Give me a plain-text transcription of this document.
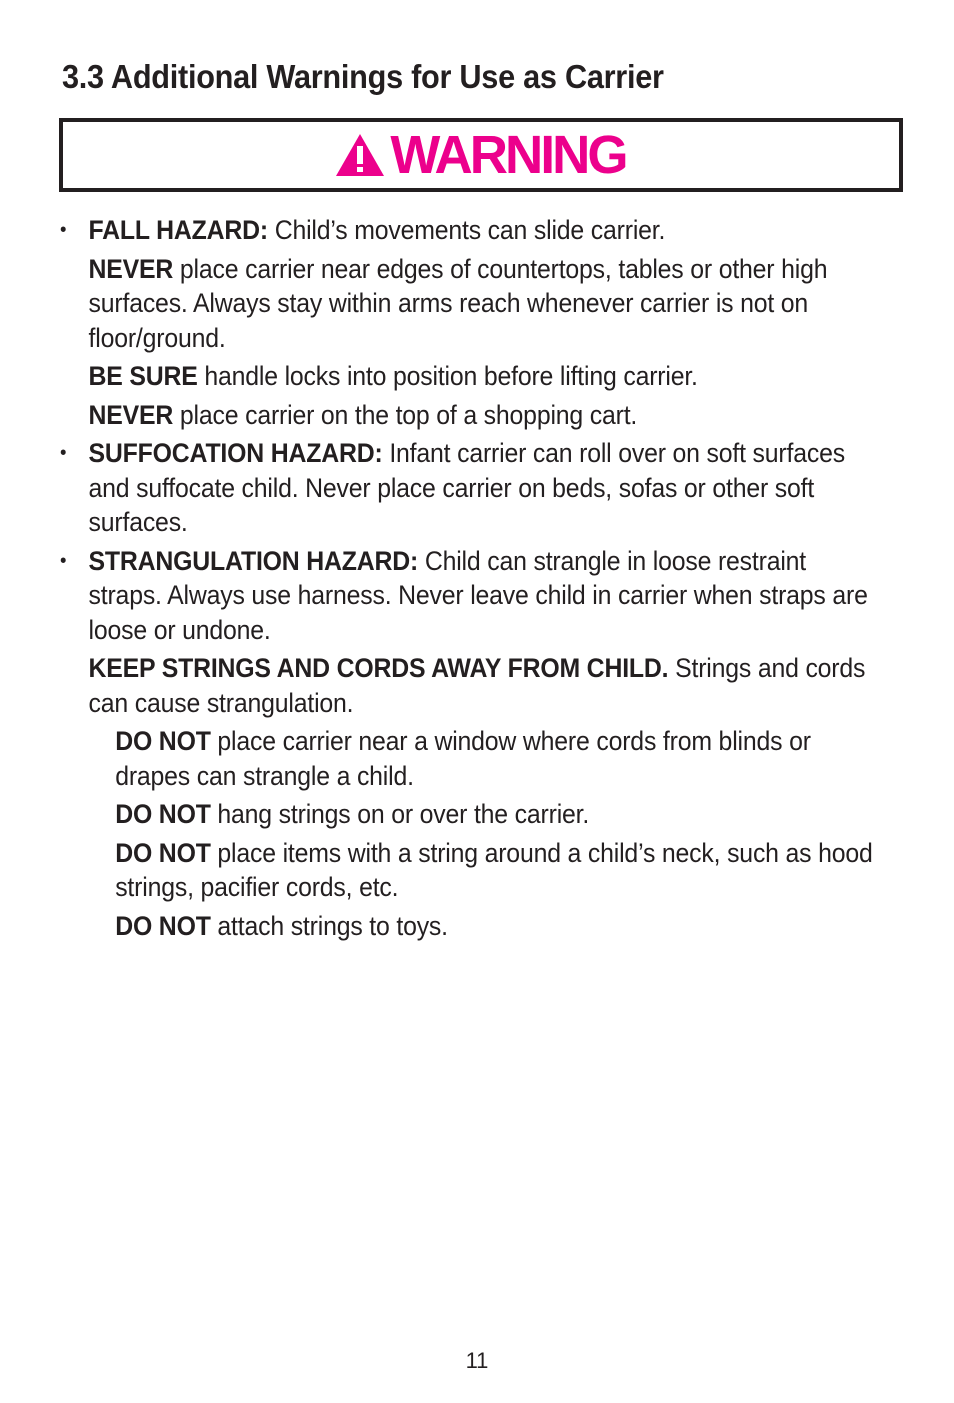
3.3 Additional Warnings for Use as Carrier
WARNING
• FALL HAZARD: Child’s movements can slide carrier.
NEVER place carrier near edges of countertops, tables or other high surfaces. Always stay within arms reach whenever carrier is not on floor/ground.
BE SURE handle locks into position before lifting carrier.
NEVER place carrier on the top of a shopping cart.
• SUFFOCATION HAZARD: Infant carrier can roll over on soft surfaces and suffocate child. Never place carrier on beds, sofas or other soft surfaces.
• STRANGULATION HAZARD: Child can strangle in loose restraint straps. Always use harness. Never leave child in carrier when straps are loose or undone.
KEEP STRINGS AND CORDS AWAY FROM CHILD. Strings and cords can cause strangulation.
DO NOT place carrier near a window where cords from blinds or drapes can strangle a child.
DO NOT hang strings on or over the carrier.
DO NOT place items with a string around a child’s neck, such as hood strings, pacifier cords, etc.
DO NOT attach strings to toys.
11
